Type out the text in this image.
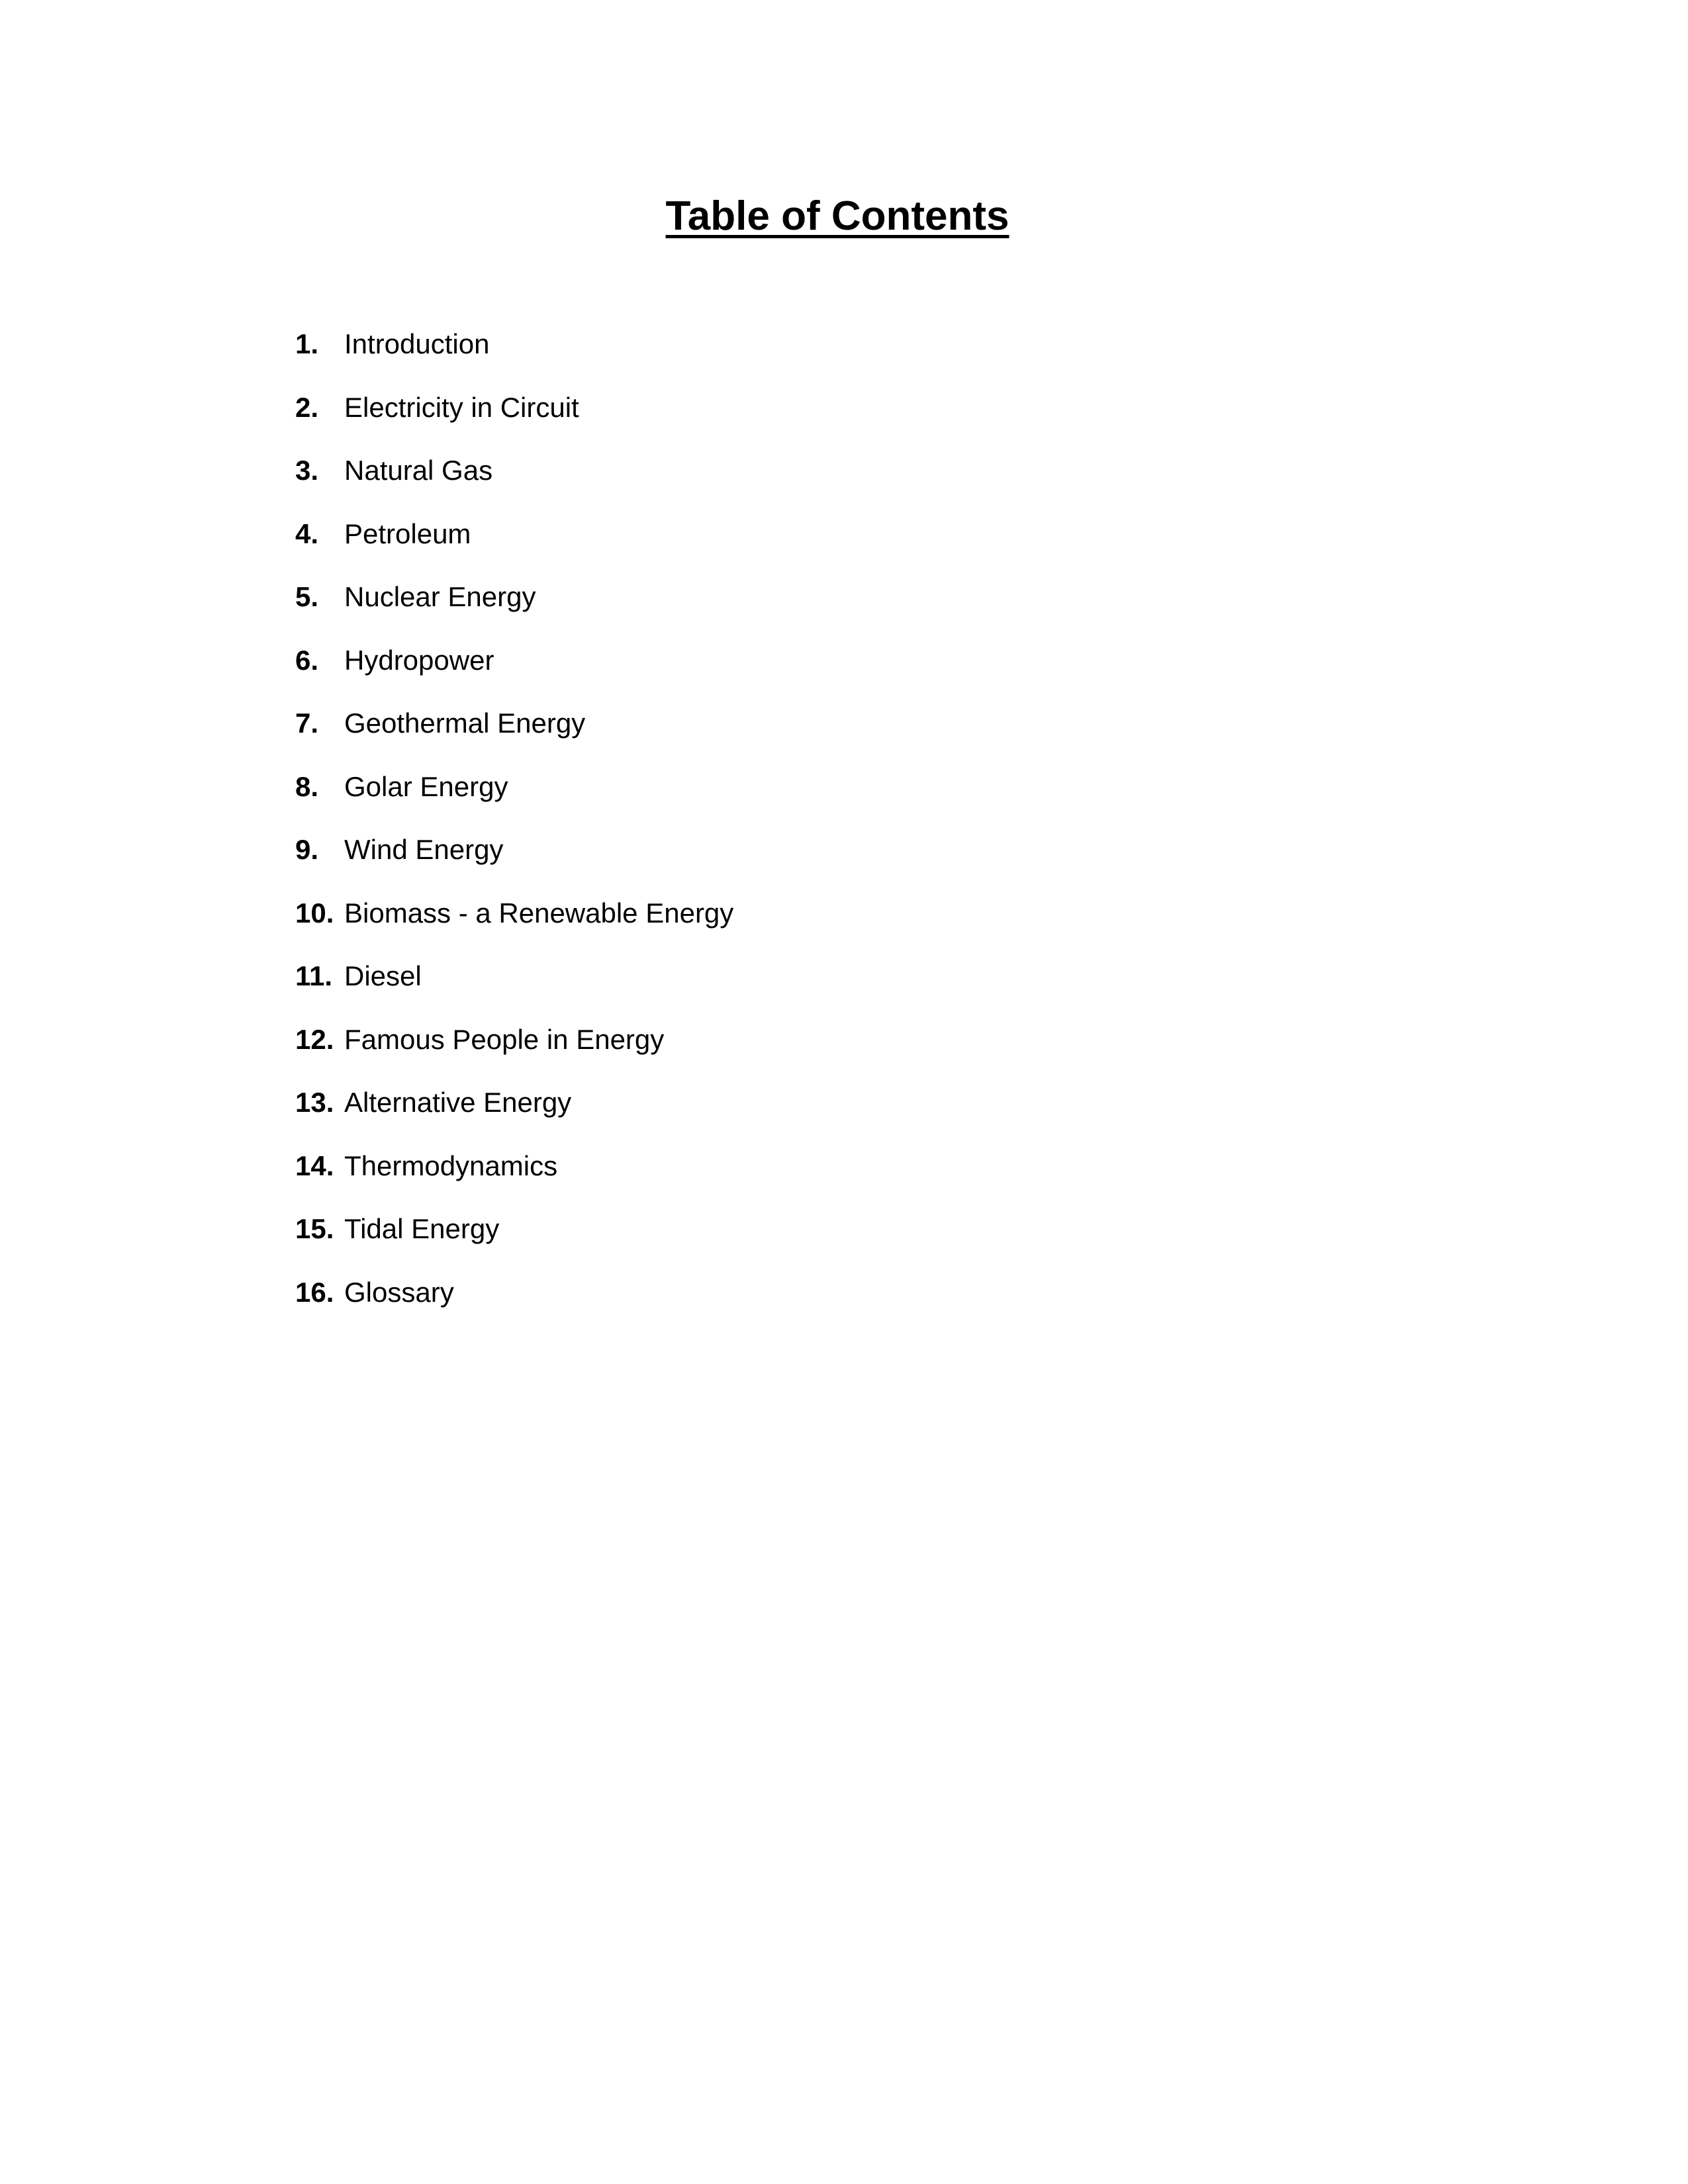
Table of Contents
1. Introduction
2. Electricity in Circuit
3. Natural Gas
4. Petroleum
5. Nuclear Energy
6. Hydropower
7. Geothermal Energy
8. Golar Energy
9. Wind Energy
10. Biomass - a Renewable Energy
11. Diesel
12. Famous People in Energy
13. Alternative Energy
14. Thermodynamics
15. Tidal Energy
16. Glossary
